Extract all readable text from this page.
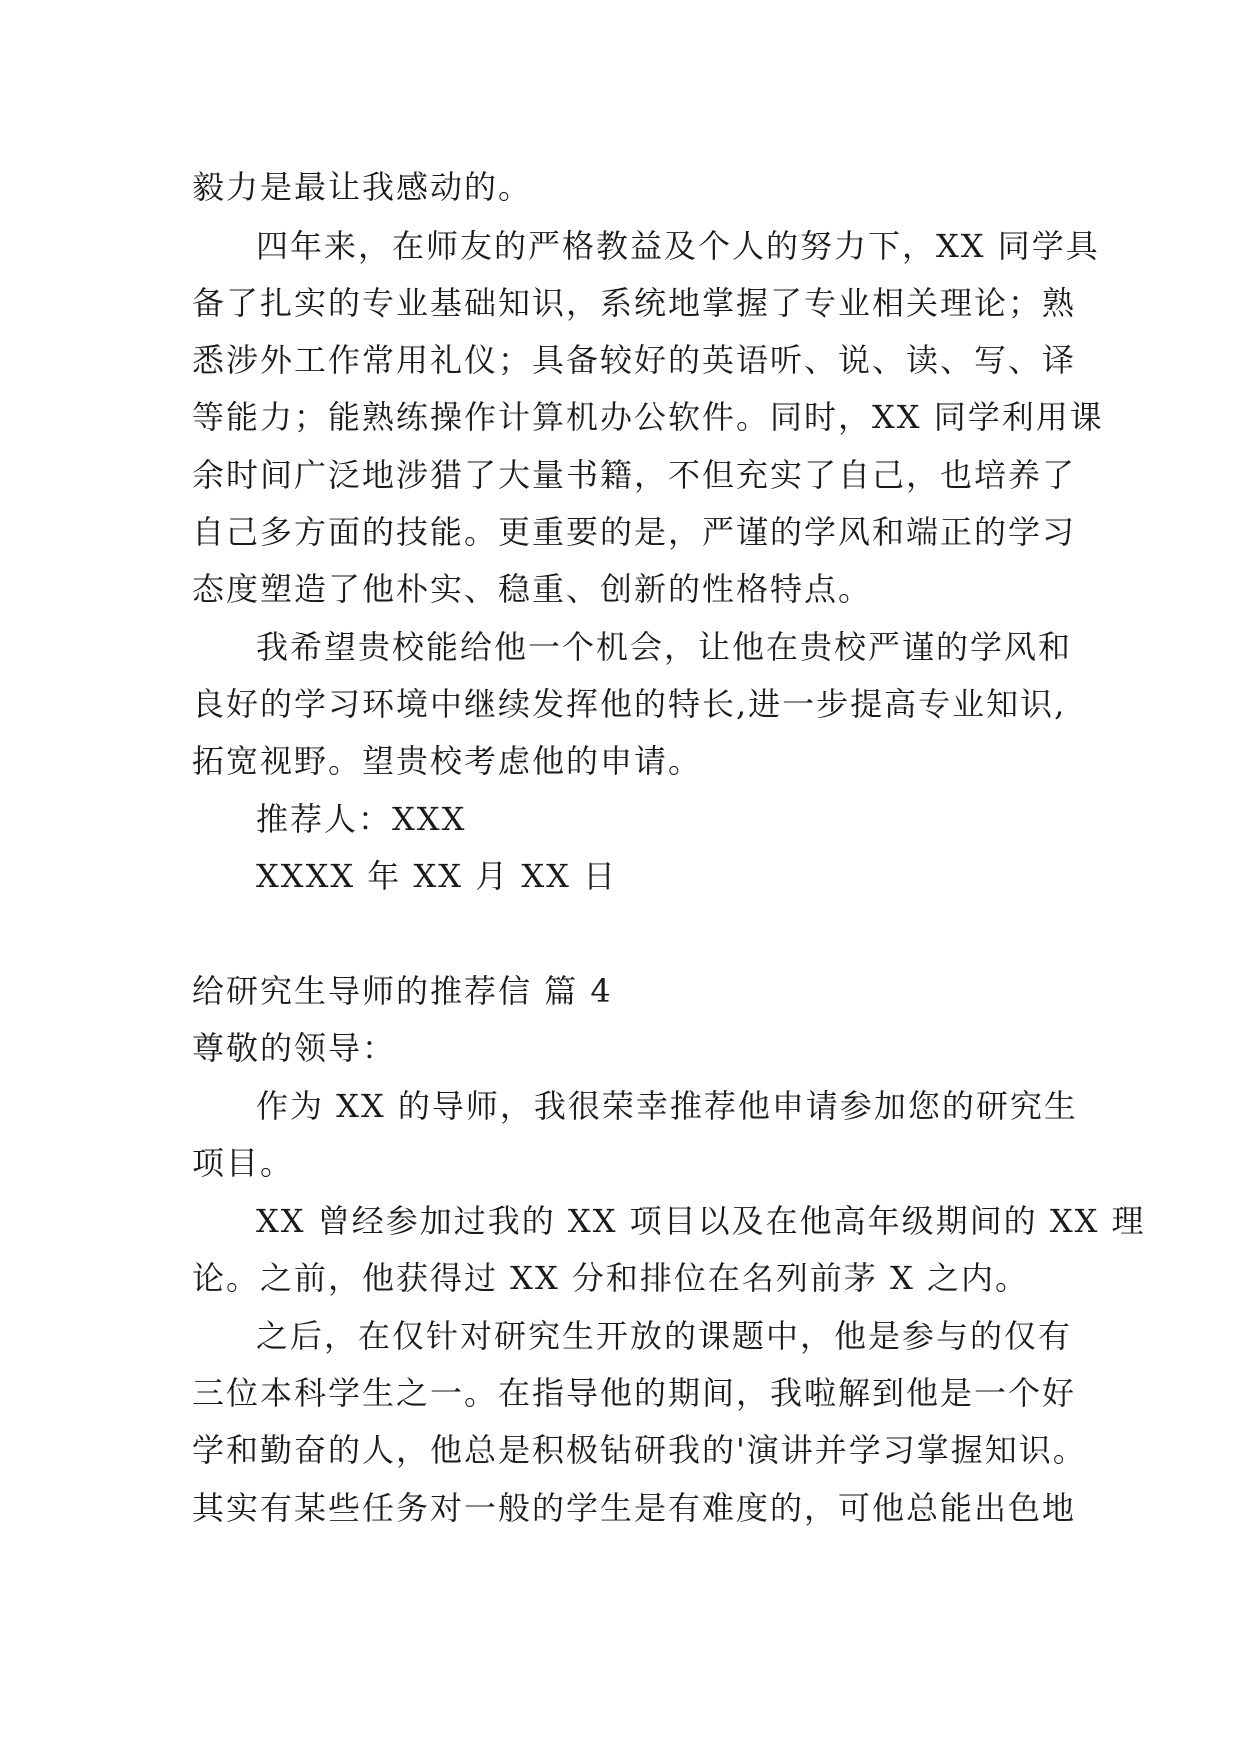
毅力是最让我感动的。
四年来，在师友的严格教益及个人的努力下，XX 同学具
备了扎实的专业基础知识，系统地掌握了专业相关理论；熟
悉涉外工作常用礼仪；具备较好的英语听、说、读、写、译
等能力；能熟练操作计算机办公软件。同时，XX 同学利用课
余时间广泛地涉猎了大量书籍，不但充实了自己，也培养了
自己多方面的技能。更重要的是，严谨的学风和端正的学习
态度塑造了他朴实、稳重、创新的性格特点。
我希望贵校能给他一个机会，让他在贵校严谨的学风和
良好的学习环境中继续发挥他的特长,进一步提高专业知识,
拓宽视野。望贵校考虑他的申请。
推荐人：XXX
XXXX 年 XX 月 XX 日
给研究生导师的推荐信 篇 4
尊敬的领导：
作为 XX 的导师，我很荣幸推荐他申请参加您的研究生
项目。
XX 曾经参加过我的 XX 项目以及在他高年级期间的 XX 理
论。之前，他获得过 XX 分和排位在名列前茅 X 之内。
之后，在仅针对研究生开放的课题中，他是参与的仅有
三位本科学生之一。在指导他的期间，我啦解到他是一个好
学和勤奋的人，他总是积极钻研我的'演讲并学习掌握知识。
其实有某些任务对一般的学生是有难度的，可他总能出色地
